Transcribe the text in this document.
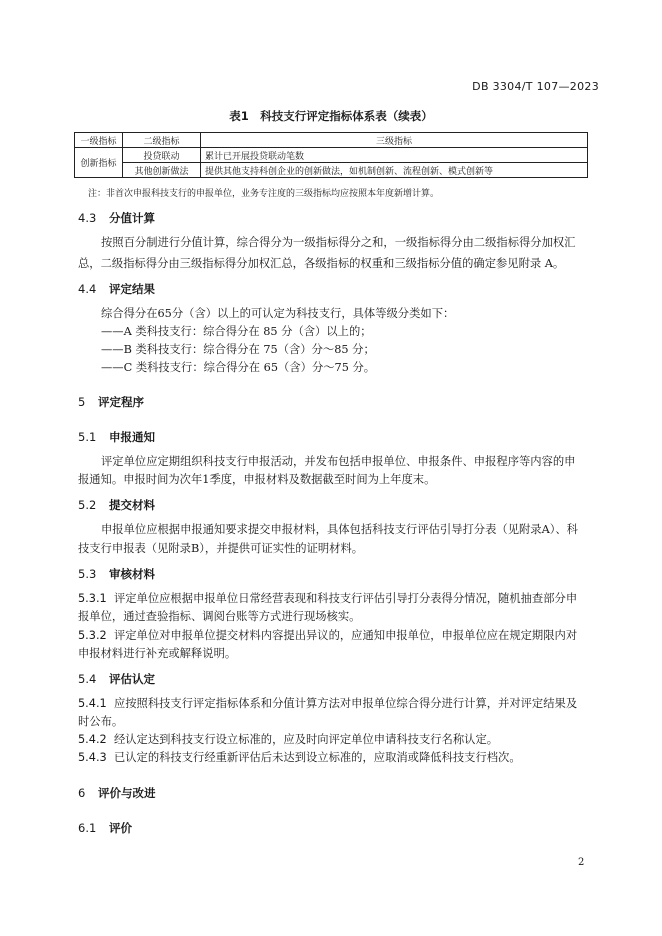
DB 3304/T 107—2023
表1　科技支行评定指标体系表（续表）
一级指标	二级指标	三级指标
创新指标	投贷联动	累计已开展投贷联动笔数
	其他创新做法	提供其他支持科创企业的创新做法，如机制创新、流程创新、模式创新等
注：非首次申报科技支行的申报单位，业务专注度的三级指标均应按照本年度新增计算。
4.3 分值计算
按照百分制进行分值计算，综合得分为一级指标得分之和，一级指标得分由二级指标得分加权汇
总，二级指标得分由三级指标得分加权汇总，各级指标的权重和三级指标分值的确定参见附录 A。
4.4 评定结果
综合得分在65分（含）以上的可认定为科技支行，具体等级分类如下：
——A 类科技支行：综合得分在 85 分（含）以上的；
——B 类科技支行：综合得分在 75（含）分～85 分；
——C 类科技支行：综合得分在 65（含）分～75 分。
5 评定程序
5.1 申报通知
评定单位应定期组织科技支行申报活动，并发布包括申报单位、申报条件、申报程序等内容的申
报通知。申报时间为次年1季度，申报材料及数据截至时间为上年度末。
5.2 提交材料
申报单位应根据申报通知要求提交申报材料，具体包括科技支行评估引导打分表（见附录A）、科
技支行申报表（见附录B），并提供可证实性的证明材料。
5.3 审核材料
5.3.1 评定单位应根据申报单位日常经营表现和科技支行评估引导打分表得分情况，随机抽查部分申
报单位，通过查验指标、调阅台账等方式进行现场核实。
5.3.2 评定单位对申报单位提交材料内容提出异议的，应通知申报单位，申报单位应在规定期限内对
申报材料进行补充或解释说明。
5.4 评估认定
5.4.1 应按照科技支行评定指标体系和分值计算方法对申报单位综合得分进行计算，并对评定结果及
时公布。
5.4.2 经认定达到科技支行设立标准的，应及时向评定单位申请科技支行名称认定。
5.4.3 已认定的科技支行经重新评估后未达到设立标准的，应取消或降低科技支行档次。
6 评价与改进
6.1 评价
2
